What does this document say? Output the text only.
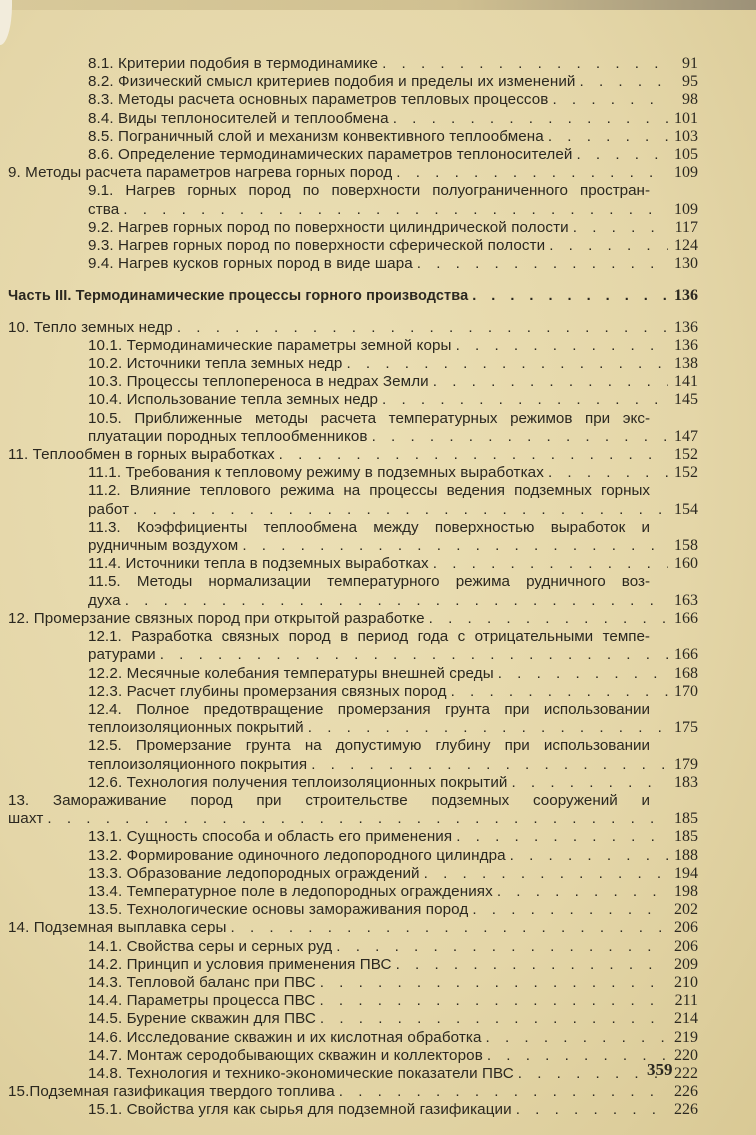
8.1. Критерии подобия в термодинамике . . .	91
8.2. Физический смысл критериев подобия и пределы их изменений . . .	95
8.3. Методы расчета основных параметров тепловых процессов . . .	98
8.4. Виды теплоносителей и теплообмена . . .	101
8.5. Пограничный слой и механизм конвективного теплообмена . . .	103
8.6. Определение термодинамических параметров теплоносителей . . .	105
9. Методы расчета параметров нагрева горных пород . . .	109
9.1. Нагрев горных пород по поверхности полуограниченного простран-
ства . . .	109
9.2. Нагрев горных пород по поверхности цилиндрической полости . . .	117
9.3. Нагрев горных пород по поверхности сферической полости . . .	124
9.4. Нагрев кусков горных пород в виде шара . . .	130
Часть III. Термодинамические процессы горного производства . . .	136
10. Тепло земных недр . . .	136
10.1. Термодинамические параметры земной коры . . .	136
10.2. Источники тепла земных недр . . .	138
10.3. Процессы теплопереноса в недрах Земли . . .	141
10.4. Использование тепла земных недр . . .	145
10.5. Приближенные методы расчета температурных режимов при экс-
плуатации породных теплообменников . . .	147
11. Теплообмен в горных выработках . . .	152
11.1. Требования к тепловому режиму в подземных выработках . . .	152
11.2. Влияние теплового режима на процессы ведения подземных горных
работ . . .	154
11.3. Коэффициенты теплообмена между поверхностью выработок и
рудничным воздухом . . .	158
11.4. Источники тепла в подземных выработках . . .	160
11.5. Методы нормализации температурного режима рудничного воз-
духа . . .	163
12. Промерзание связных пород при открытой разработке . . .	166
12.1. Разработка связных пород в период года с отрицательными темпе-
ратурами . . .	166
12.2. Месячные колебания температуры внешней среды . . .	168
12.3. Расчет глубины промерзания связных пород . . .	170
12.4. Полное предотвращение промерзания грунта при использовании
теплоизоляционных покрытий . . .	175
12.5. Промерзание грунта на допустимую глубину при использовании
теплоизоляционного покрытия . . .	179
12.6. Технология получения теплоизоляционных покрытий . . .	183
13. Замораживание пород при строительстве подземных сооружений и
шахт . . .	185
13.1. Сущность способа и область его применения . . .	185
13.2. Формирование одиночного ледопородного цилиндра . . .	188
13.3. Образование ледопородных ограждений . . .	194
13.4. Температурное поле в ледопородных ограждениях . . .	198
13.5. Технологические основы замораживания пород . . .	202
14. Подземная выплавка серы . . .	206
14.1. Свойства серы и серных руд . . .	206
14.2. Принцип и условия применения ПВС . . .	209
14.3. Тепловой баланс при ПВС . . .	210
14.4. Параметры процесса ПВС . . .	211
14.5. Бурение скважин для ПВС . . .	214
14.6. Исследование скважин и их кислотная обработка . . .	219
14.7. Монтаж серодобывающих скважин и коллекторов . . .	220
14.8. Технология и технико-экономические показатели ПВС . . .	222
15.Подземная газификация твердого топлива . . .	226
15.1. Свойства угля как сырья для подземной газификации . . .	226
359
